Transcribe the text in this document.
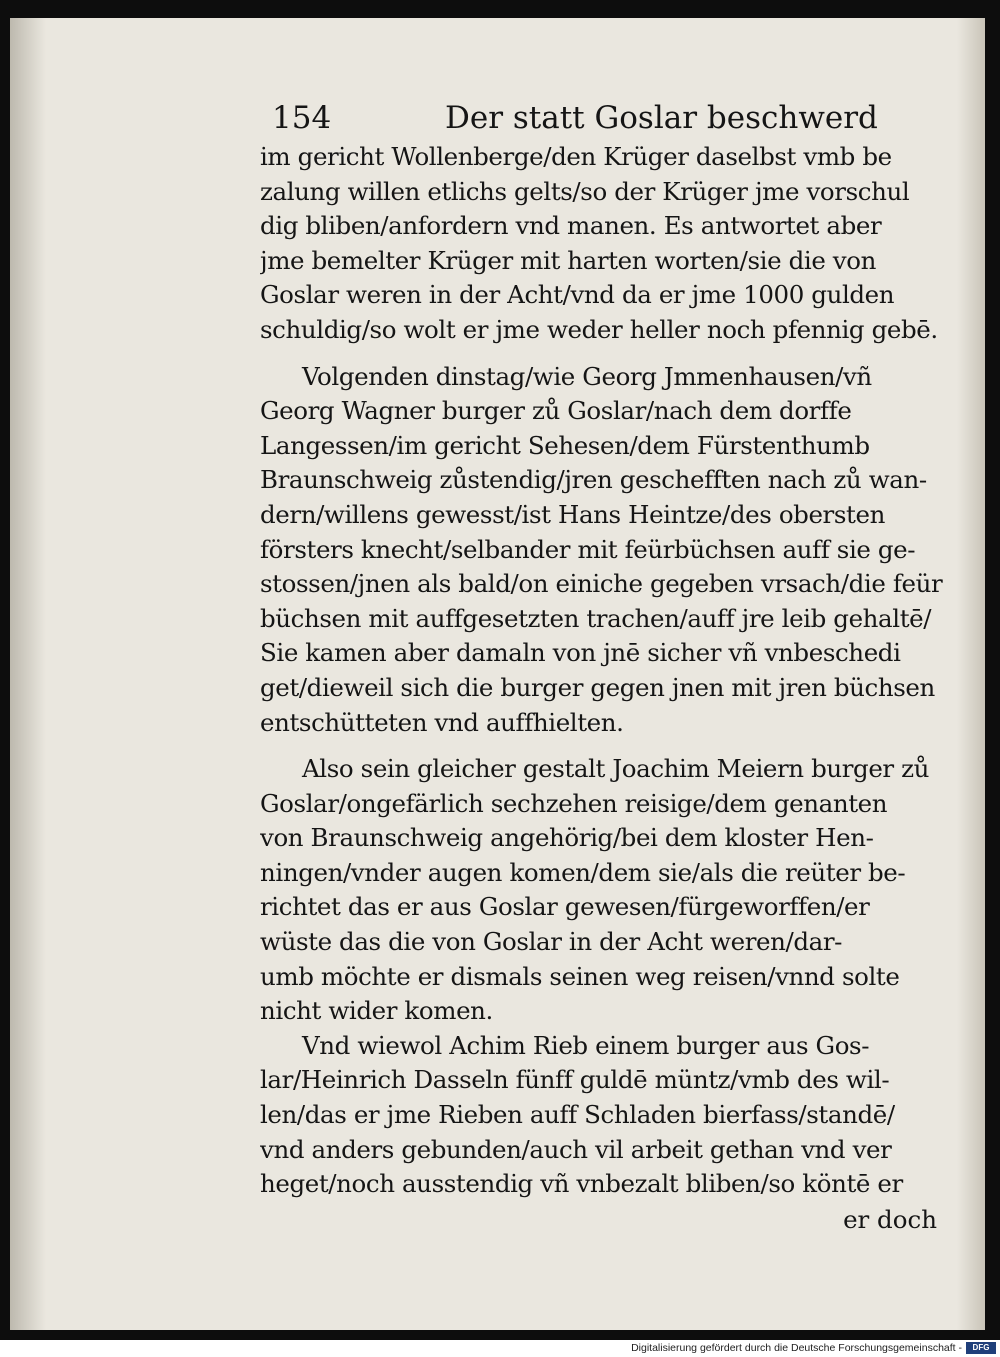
154	Der statt Goslar beschwerd
im gericht Wollenberge/den Krüger daselbst vmb be
zalung willen etlichs gelts/so der Krüger jme vorschul
dig bliben/anfordern vnd manen. Es antwortet aber
jme bemelter Krüger mit harten worten/sie die von
Goslar weren in der Acht/vnd da er jme 1000 gulden
schuldig/so wolt er jme weder heller noch pfennig gebē.
Volgenden dinstag/wie Georg Jmmenhausen/vñ
Georg Wagner burger zů Goslar/nach dem dorffe
Langessen/im gericht Sehesen/dem Fürstenthumb
Braunschweig zůstendig/jren geschefften nach zů wan-
dern/willens gewesst/ist Hans Heintze/des obersten
försters knecht/selbander mit feürbüchsen auff sie ge-
stossen/jnen als bald/on einiche gegeben vrsach/die feür
büchsen mit auffgesetzten trachen/auff jre leib gehaltē/
Sie kamen aber damaln von jnē sicher vñ vnbeschedi
get/dieweil sich die burger gegen jnen mit jren büchsen
entschütteten vnd auffhielten.
Also sein gleicher gestalt Joachim Meiern burger zů
Goslar/ongefärlich sechzehen reisige/dem genanten
von Braunschweig angehörig/bei dem kloster Hen-
ningen/vnder augen komen/dem sie/als die reüter be-
richtet das er aus Goslar gewesen/fürgeworffen/er
wüste das die von Goslar in der Acht weren/dar-
umb möchte er dismals seinen weg reisen/vnnd solte
nicht wider komen.
Vnd wiewol Achim Rieb einem burger aus Gos-
lar/Heinrich Dasseln fünff guldē müntz/vmb des wil-
len/das er jme Rieben auff Schladen bierfass/standē/
vnd anders gebunden/auch vil arbeit gethan vnd ver
heget/noch ausstendig vñ vnbezalt bliben/so köntē er
er doch
Digitalisierung gefördert durch die Deutsche Forschungsgemeinschaft -	DFG
